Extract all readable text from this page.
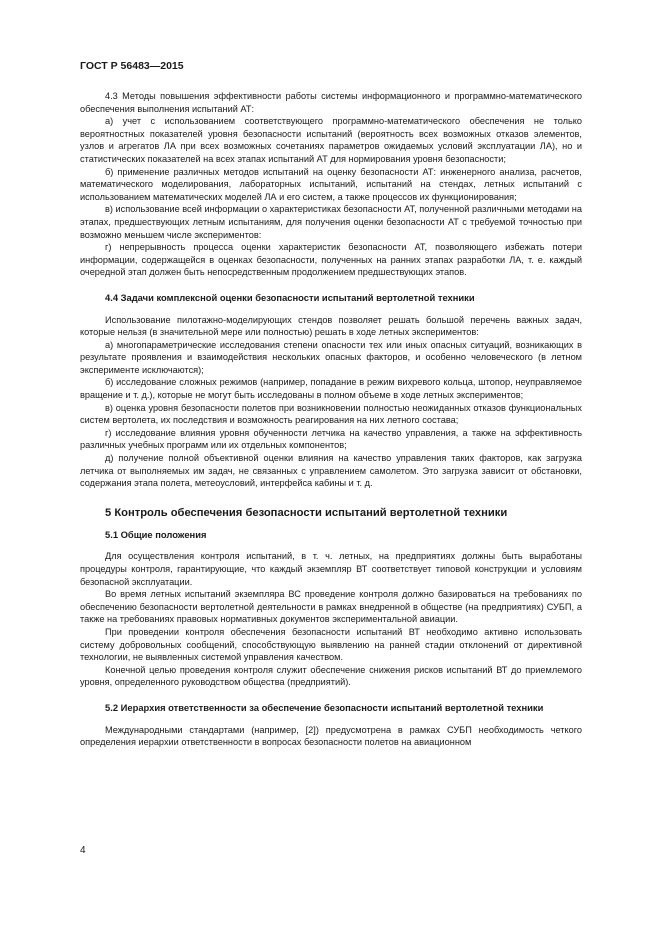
ГОСТ Р 56483—2015

4.3 Методы повышения эффективности работы системы информационного и программно-математического обеспечения выполнения испытаний АТ:

а) учет с использованием соответствующего программно-математического обеспечения не только вероятностных показателей уровня безопасности испытаний (вероятность всех возможных отказов элементов, узлов и агрегатов ЛА при всех возможных сочетаниях параметров ожидаемых условий эксплуатации ЛА), но и статистических показателей на всех этапах испытаний АТ для нормирования уровня безопасности;

б) применение различных методов испытаний на оценку безопасности АТ: инженерного анализа, расчетов, математического моделирования, лабораторных испытаний, испытаний на стендах, летных испытаний с использованием математических моделей ЛА и его систем, а также процессов их функционирования;

в) использование всей информации о характеристиках безопасности АТ, полученной различными методами на этапах, предшествующих летным испытаниям, для получения оценки безопасности АТ с требуемой точностью при возможно меньшем числе экспериментов:

г) непрерывность процесса оценки характеристик безопасности АТ, позволяющего избежать потери информации, содержащейся в оценках безопасности, полученных на ранних этапах разработки ЛА, т. е. каждый очередной этап должен быть непосредственным продолжением предшествующих этапов.

4.4 Задачи комплексной оценки безопасности испытаний вертолетной техники

Использование пилотажно-моделирующих стендов позволяет решать большой перечень важных задач, которые нельзя (в значительной мере или полностью) решать в ходе летных экспериментов:

а) многопараметрические исследования степени опасности тех или иных опасных ситуаций, возникающих в результате проявления и взаимодействия нескольких опасных факторов, и особенно человеческого (в летном эксперименте исключаются);

б) исследование сложных режимов (например, попадание в режим вихревого кольца, штопор, неуправляемое вращение и т. д.), которые не могут быть исследованы в полном объеме в ходе летных экспериментов;

в) оценка уровня безопасности полетов при возникновении полностью неожиданных отказов функциональных систем вертолета, их последствия и возможность реагирования на них летного состава;

г) исследование влияния уровня обученности летчика на качество управления, а также на эффективность различных учебных программ или их отдельных компонентов;

д) получение полной объективной оценки влияния на качество управления таких факторов, как загрузка летчика от выполняемых им задач, не связанных с управлением самолетом. Это загрузка зависит от обстановки, содержания этапа полета, метеоусловий, интерфейса кабины и т. д.

5 Контроль обеспечения безопасности испытаний вертолетной техники
5.1 Общие положения

Для осуществления контроля испытаний, в т. ч. летных, на предприятиях должны быть выработаны процедуры контроля, гарантирующие, что каждый экземпляр ВТ соответствует типовой конструкции и условиям безопасной эксплуатации.

Во время летных испытаний экземпляра ВС проведение контроля должно базироваться на требованиях по обеспечению безопасности вертолетной деятельности в рамках внедренной в обществе (на предприятиях) СУБП, а также на требованиях правовых нормативных документов экспериментальной авиации.

При проведении контроля обеспечения безопасности испытаний ВТ необходимо активно использовать систему добровольных сообщений, способствующую выявлению на ранней стадии отклонений от директивной технологии, не выявленных системой управления качеством.

Конечной целью проведения контроля служит обеспечение снижения рисков испытаний ВТ до приемлемого уровня, определенного руководством общества (предприятий).

5.2 Иерархия ответственности за обеспечение безопасности испытаний вертолетной техники

Международными стандартами (например, [2]) предусмотрена в рамках СУБП необходимость четкого определения иерархии ответственности в вопросах безопасности полетов на авиационном

4
